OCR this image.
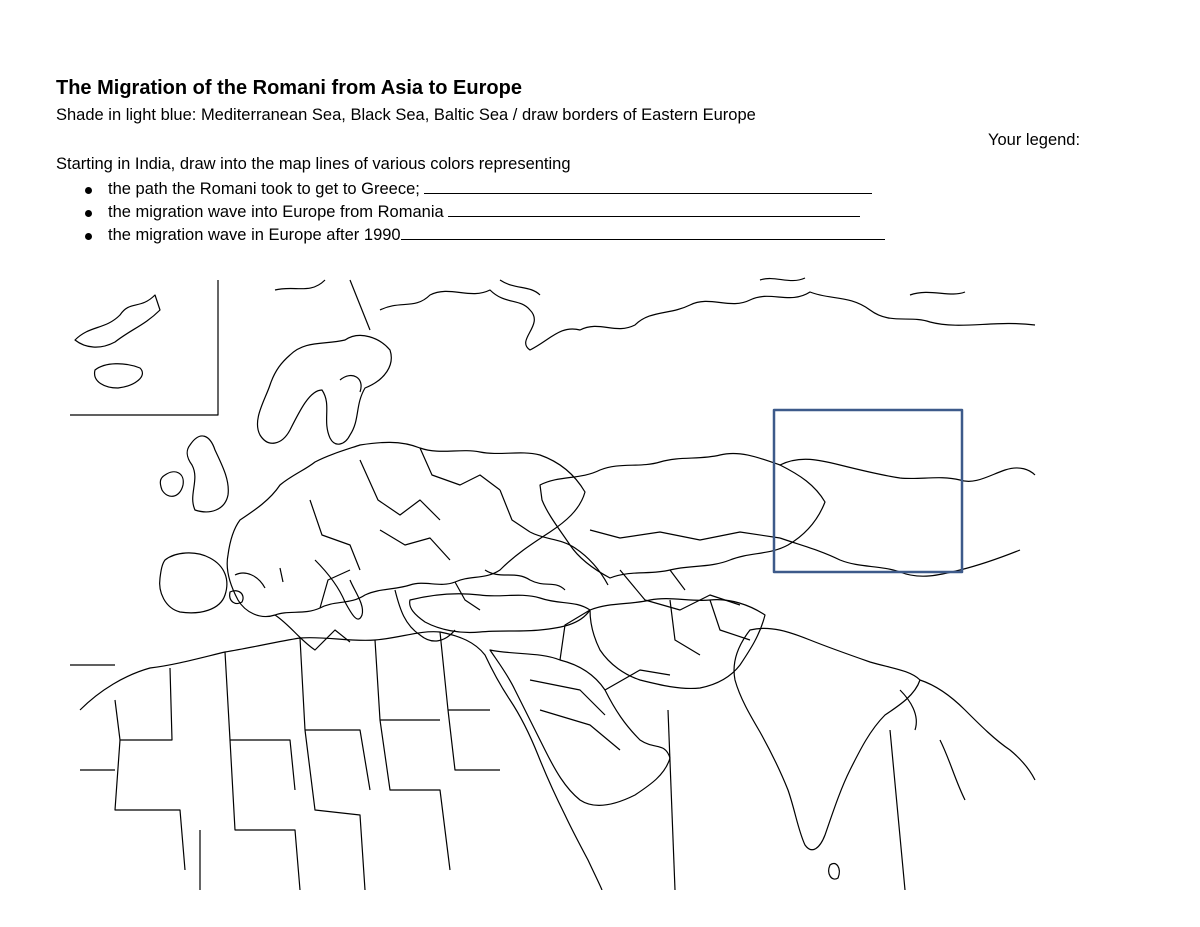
The Migration of the Romani from Asia to Europe
Shade in light blue: Mediterranean Sea, Black Sea, Baltic Sea / draw borders of Eastern Europe
Your legend:
Starting in India, draw into the map lines of various colors representing
the path the Romani took to get to Greece;
the migration wave into Europe from Romania
the migration wave in Europe after 1990
